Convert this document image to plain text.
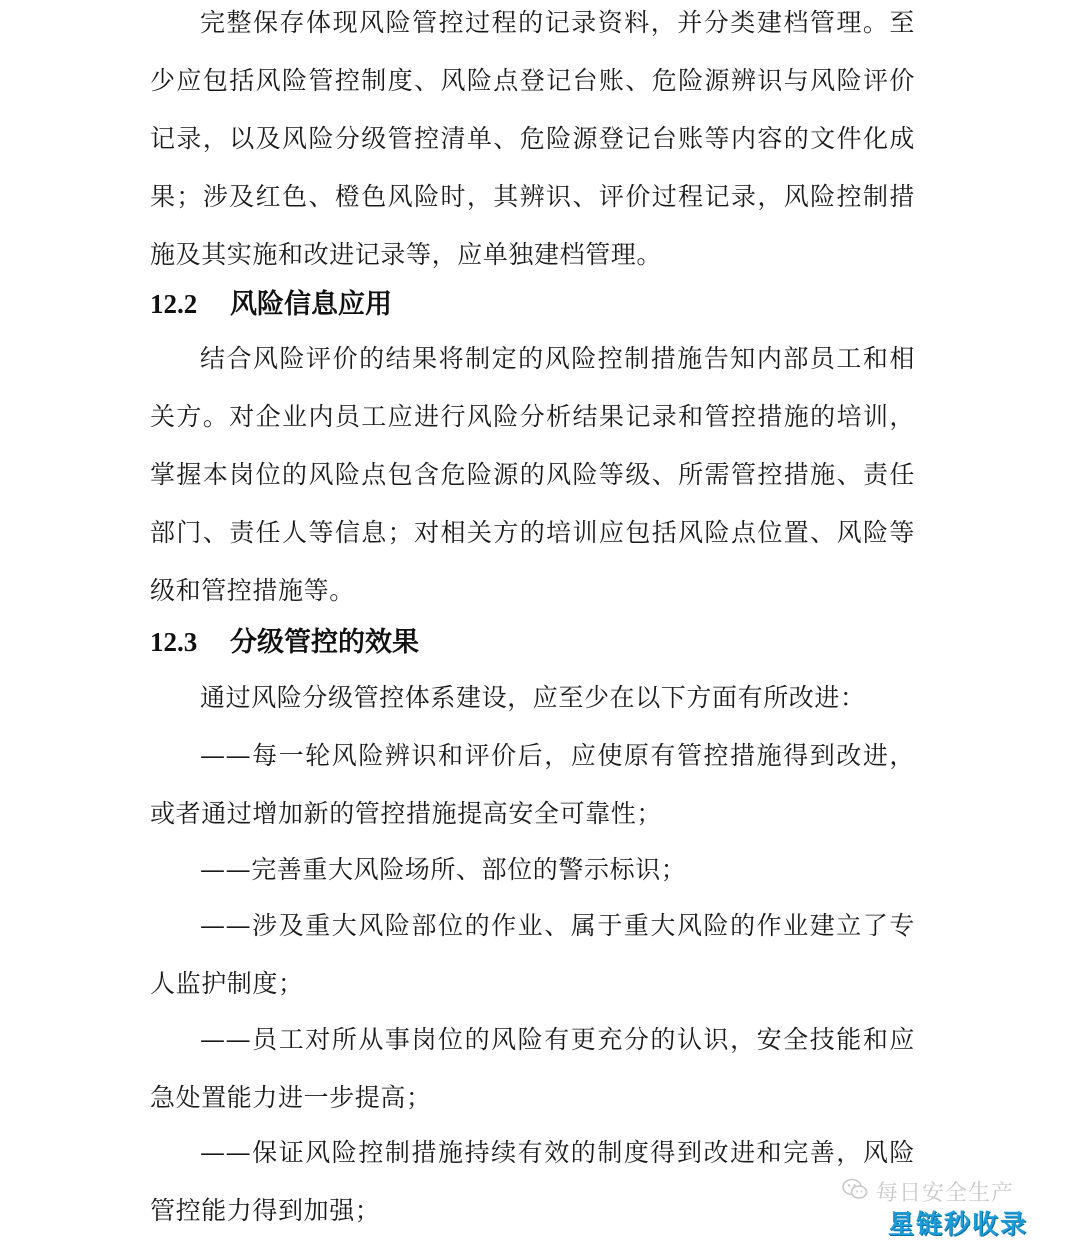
完整保存体现风险管控过程的记录资料，并分类建档管理。至少应包括风险管控制度、风险点登记台账、危险源辨识与风险评价记录，以及风险分级管控清单、危险源登记台账等内容的文件化成果；涉及红色、橙色风险时，其辨识、评价过程记录，风险控制措施及其实施和改进记录等，应单独建档管理。

12.2 风险信息应用

结合风险评价的结果将制定的风险控制措施告知内部员工和相关方。对企业内员工应进行风险分析结果记录和管控措施的培训，掌握本岗位的风险点包含危险源的风险等级、所需管控措施、责任部门、责任人等信息；对相关方的培训应包括风险点位置、风险等级和管控措施等。

12.3 分级管控的效果

通过风险分级管控体系建设，应至少在以下方面有所改进：

——每一轮风险辨识和评价后，应使原有管控措施得到改进，或者通过增加新的管控措施提高安全可靠性；

——完善重大风险场所、部位的警示标识；

——涉及重大风险部位的作业、属于重大风险的作业建立了专人监护制度；

——员工对所从事岗位的风险有更充分的认识，安全技能和应急处置能力进一步提高；

——保证风险控制措施持续有效的制度得到改进和完善，风险管控能力得到加强；

每日安全生产
星链秒收录
